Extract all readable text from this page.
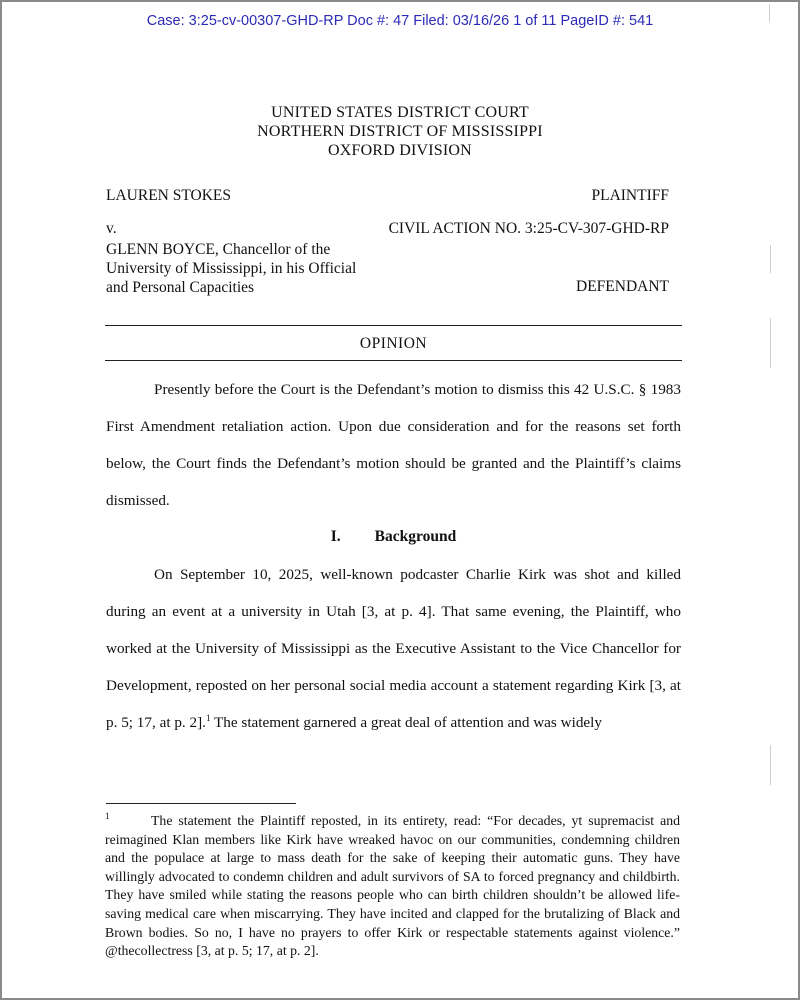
Case: 3:25-cv-00307-GHD-RP Doc #: 47 Filed: 03/16/26 1 of 11 PageID #: 541
UNITED STATES DISTRICT COURT
NORTHERN DISTRICT OF MISSISSIPPI
OXFORD DIVISION
LAUREN STOKES	PLAINTIFF
v.	CIVIL ACTION NO. 3:25-CV-307-GHD-RP
GLENN BOYCE, Chancellor of the
University of Mississippi, in his Official
and Personal Capacities	DEFENDANT
OPINION

Presently before the Court is the Defendant’s motion to dismiss this 42 U.S.C. § 1983 First Amendment retaliation action. Upon due consideration and for the reasons set forth below, the Court finds the Defendant’s motion should be granted and the Plaintiff’s claims dismissed.

I. Background

On September 10, 2025, well-known podcaster Charlie Kirk was shot and killed during an event at a university in Utah [3, at p. 4]. That same evening, the Plaintiff, who worked at the University of Mississippi as the Executive Assistant to the Vice Chancellor for Development, reposted on her personal social media account a statement regarding Kirk [3, at p. 5; 17, at p. 2].$^1$ The statement garnered a great deal of attention and was widely

1	The statement the Plaintiff reposted, in its entirety, read: “For decades, yt supremacist and reimagined Klan members like Kirk have wreaked havoc on our communities, condemning children and the populace at large to mass death for the sake of keeping their automatic guns. They have willingly advocated to condemn children and adult survivors of SA to forced pregnancy and childbirth. They have smiled while stating the reasons people who can birth children shouldn’t be allowed life-saving medical care when miscarrying. They have incited and clapped for the brutalizing of Black and Brown bodies. So no, I have no prayers to offer Kirk or respectable statements against violence.” @thecollectress [3, at p. 5; 17, at p. 2].
